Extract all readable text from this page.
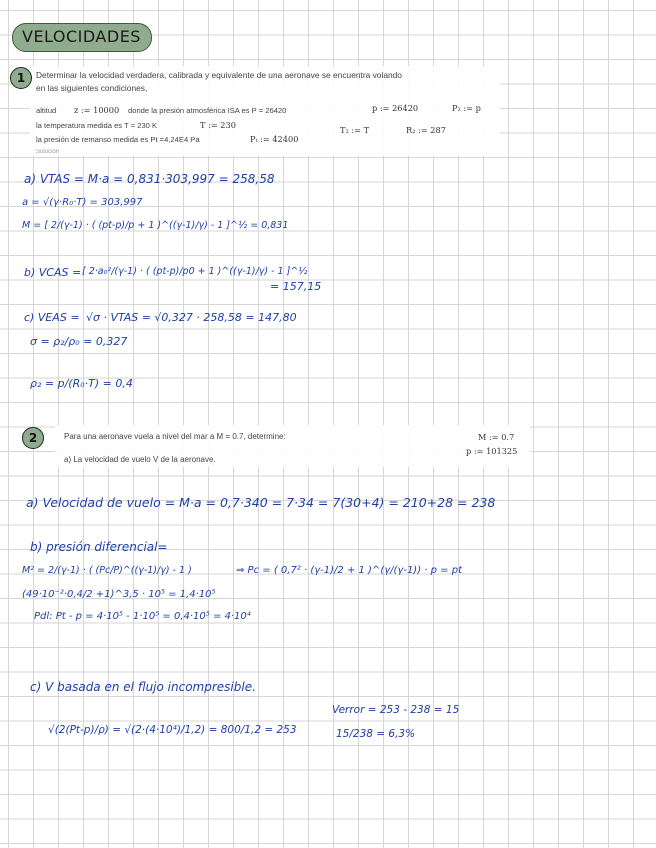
VELOCIDADES
1	Determinar la velocidad verdadera, calibrada y equivalente de una aeronave se encuentra volando
en las siguientes condiciones,
altitud z := 10000 donde la presión atmosférica ISA es P = 26420	p := 26420	P₂ := p
la temperatura medida es T = 230 K	T := 230	T₂ := T	R₂ := 287
la presión de remanso medida es Pt =4,24E4 Pa	Pₜ := 42400
Solución
a) VTAS = M·a = 0,831·303,997 = 258,58
a = √(γ·R₀·T) = 303,997
M = [ 2/(γ-1) · ( (pt-p)/p + 1 )^((γ-1)/γ) - 1 ]^½ = 0,831
b) VCAS = [ 2·a₀²/(γ-1) · ( (pt-p)/p0 + 1 )^((γ-1)/γ) - 1 ]^½
= 157,15
c) VEAS = √σ · VTAS = √0,327 · 258,58 = 147,80
σ = ρ₂/ρ₀ = 0,327
ρ₂ = p/(R₀·T) = 0,4
2	Para una aeronave vuela a nivel del mar a M = 0.7, determine:
a) La velocidad de vuelo V de la aeronave.
M := 0.7
p := 101325
a) Velocidad de vuelo = M·a = 0,7·340 = 7·34 = 7(30+4) = 210+28 = 238
b) presión diferencial=
M² = 2/(γ-1) · ( (Pc/P)^((γ-1)/γ) - 1 )	⇒ Pc = ( 0,7² · (γ-1)/2 + 1 )^(γ/(γ-1)) · p = pt
(49·10⁻²·0,4/2 +1)^3,5 · 10⁵ = 1,4·10⁵
Pdl: Pt - p = 4·10⁵ - 1·10⁵ = 0,4·10⁵ = 4·10⁴
c) V basada en el flujo incompresible.
√(2(Pt-p)/ρ) = √(2·(4·10⁴)/1,2) = 800/1,2 = 253
Verror = 253 - 238 = 15
15/238 = 6,3%
